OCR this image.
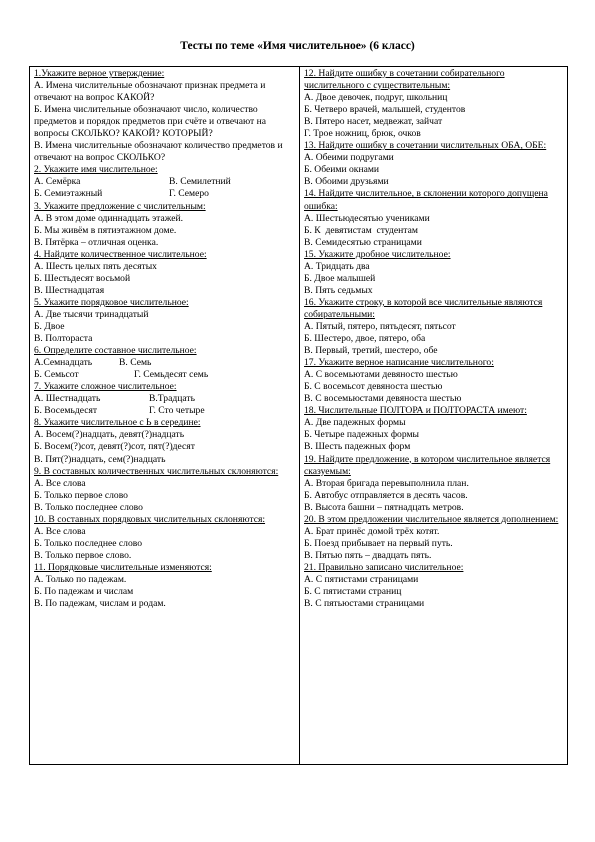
Тесты по теме «Имя числительное» (6 класс)
1.Укажите верное утверждение:
А. Имена числительные обозначают признак предмета и отвечают на вопрос КАКОЙ?
Б. Имена числительные обозначают число, количество предметов и порядок предметов при счёте и отвечают на вопросы СКОЛЬКО? КАКОЙ? КОТОРЫЙ?
В. Имена числительные обозначают количество предметов и отвечают на вопрос СКОЛЬКО?
2. Укажите имя числительное:
А. Семёрка	В. Семилетний
Б. Семиэтажный	Г. Семеро
3. Укажите предложение с числительным:
А. В этом доме одиннадцать этажей.
Б. Мы живём в пятиэтажном доме.
В. Пятёрка – отличная оценка.
4. Найдите количественное числительное:
А. Шесть целых пять десятых
Б. Шестьдесят восьмой
В. Шестнадцатая
5. Укажите порядковое числительное:
А. Две тысячи тринадцатый
Б. Двое
В. Полтораста
6. Определите составное числительное:
А.Семнадцать	В. Семь
Б. Семьсот	Г. Семьдесят семь
7. Укажите сложное числительное:
А. Шестнадцать	В.Традцать
Б. Восемьдесят	Г. Сто четыре
8. Укажите числительное с Ь в середине:
А. Восем(?)надцать, девят(?)надцать
Б. Восем(?)сот, девят(?)сот, пят(?)десят
В. Пят(?)надцать, сем(?)надцать
9. В составных количественных числительных склоняются:
А. Все слова
Б. Только первое слово
В. Только последнее слово
10. В составных порядковых числительных склоняются:
А. Все слова
Б. Только последнее слово
В. Только первое слово.
11. Порядковые числительные изменяются:
А. Только по падежам.
Б. По падежам и числам
В. По падежам, числам и родам.
12. Найдите ошибку в сочетании собирательного числительного с существительным:
А. Двое девочек, подруг, школьниц
Б. Четверо врачей, малышей, студентов
В. Пятеро насет, медвежат, зайчат
Г. Трое ножниц, брюк, очков
13. Найдите ошибку в сочетании числительных ОБА, ОБЕ:
А. Обеими подругами
Б. Обеими окнами
В. Обоими друзьями
14. Найдите числительное, в склонении которого допущена ошибка:
А. Шестьюдесятью учениками
Б. К  девятистам  студентам
В. Семидесятью страницами
15. Укажите дробное числительное:
А. Тридцать два
Б. Двое малышей
В. Пять седьмых
16. Укажите строку, в которой все числительные являются собирательными:
А. Пятый, пятеро, пятьдесят, пятьсот
Б. Шестеро, двое, пятеро, оба
В. Первый, третий, шестеро, обе
17. Укажите верное написание числительного:
А. С восемьютами девяносто шестью
Б. С восемьсот девяноста шестью
В. С восемьюстами девяноста шестью
18. Числительные ПОЛТОРА и ПОЛТОРАСТА имеют:
А. Две падежных формы
Б. Четыре падежных формы
В. Шесть падежных форм
19. Найдите предложение, в котором числительное является сказуемым:
А. Вторая бригада перевыполнила план.
Б. Автобус отправляется в десять часов.
В. Высота башни – пятнадцать метров.
20. В этом предложении числительное является дополнением:
А. Брат принёс домой трёх котят.
Б. Поезд прибывает на первый путь.
В. Пятью пять – двадцать пять.
21. Правильно записано числительное:
А. С пятистами страницами
Б. С пятистами страниц
В. С пятьюстами страницами
